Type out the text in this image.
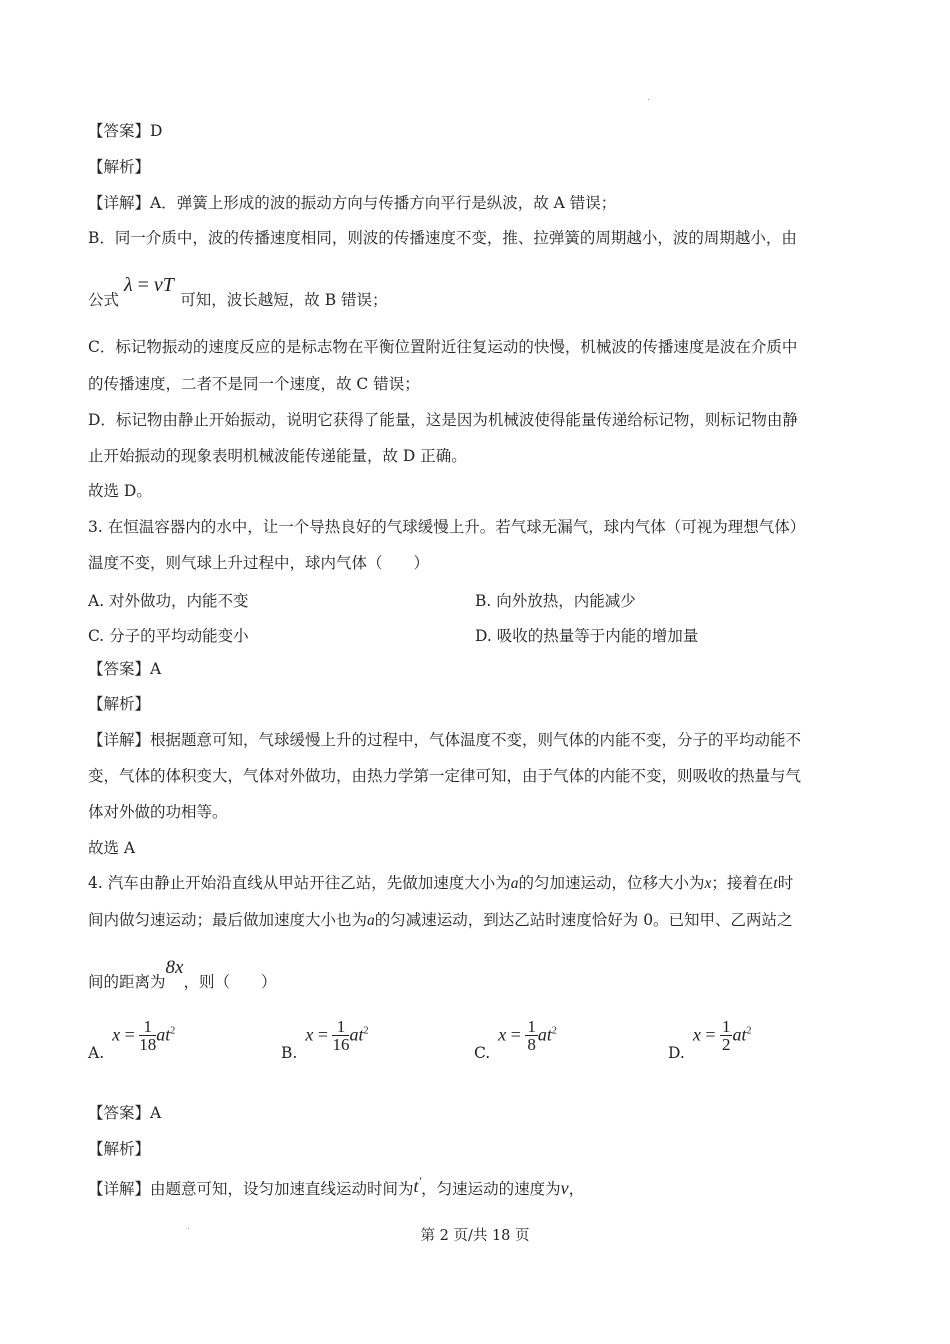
【答案】D
【解析】
【详解】A．弹簧上形成的波的振动方向与传播方向平行是纵波，故 A 错误；
B．同一介质中，波的传播速度相同，则波的传播速度不变，推、拉弹簧的周期越小，波的周期越小，由
公式 λ = vT 可知，波长越短，故 B 错误；
C．标记物振动的速度反应的是标志物在平衡位置附近往复运动的快慢，机械波的传播速度是波在介质中
的传播速度，二者不是同一个速度，故 C 错误；
D．标记物由静止开始振动，说明它获得了能量，这是因为机械波使得能量传递给标记物，则标记物由静
止开始振动的现象表明机械波能传递能量，故 D 正确。
故选 D。
3. 在恒温容器内的水中，让一个导热良好的气球缓慢上升。若气球无漏气，球内气体（可视为理想气体）
温度不变，则气球上升过程中，球内气体（　　）
A. 对外做功，内能不变	B. 向外放热，内能减少
C. 分子的平均动能变小	D. 吸收的热量等于内能的增加量
【答案】A
【解析】
【详解】根据题意可知，气球缓慢上升的过程中，气体温度不变，则气体的内能不变，分子的平均动能不
变，气体的体积变大，气体对外做功，由热力学第一定律可知，由于气体的内能不变，则吸收的热量与气
体对外做的功相等。
故选 A
4. 汽车由静止开始沿直线从甲站开往乙站，先做加速度大小为a的匀加速运动，位移大小为x；接着在t时
间内做匀速运动；最后做加速度大小也为a的匀减速运动，到达乙站时速度恰好为 0。已知甲、乙两站之
间的距离为8x，则（　　）
$A.x = \frac{1}{18} at^2$
$B.x = \frac{1}{16} at^2$
$C.x = \frac{1}{8} at^2$
$D.x = \frac{1}{2} at^2$
【答案】A
【解析】
【详解】由题意可知，设匀加速直线运动时间为t′，匀速运动的速度为v，
第 2 页/共 18 页
